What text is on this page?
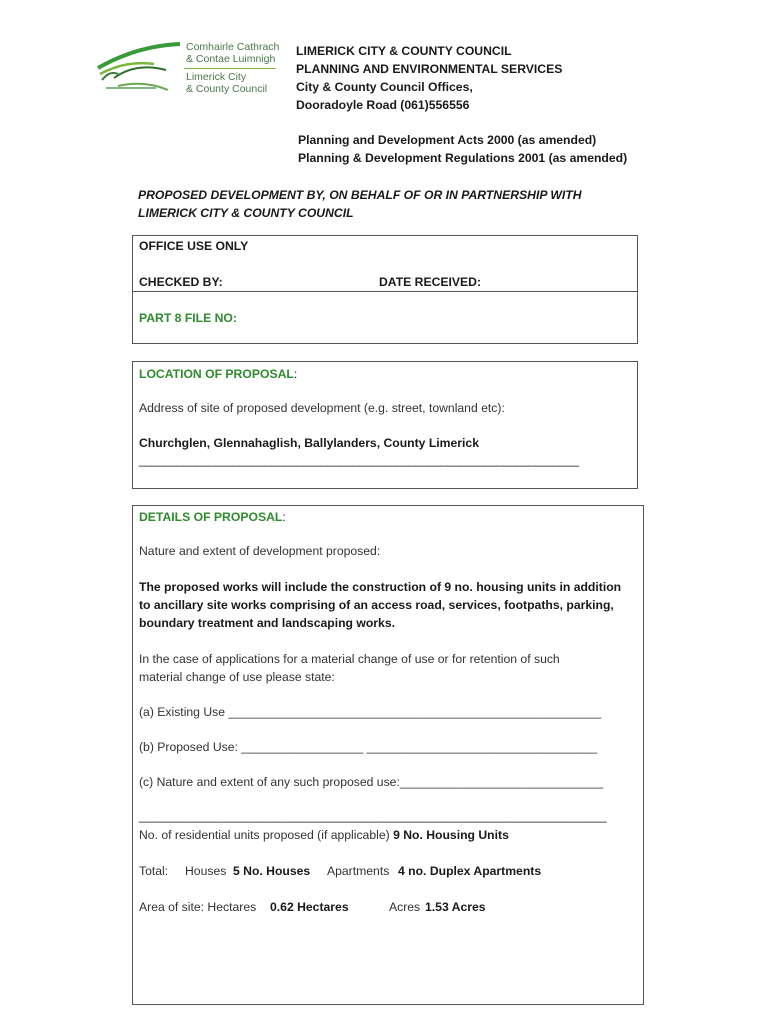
Comhairle Cathrach
& Contae Luimnigh
Limerick City
& County Council
LIMERICK CITY & COUNTY COUNCIL
PLANNING AND ENVIRONMENTAL SERVICES
City & County Council Offices,
Dooradoyle Road (061)556556
Planning and Development Acts 2000 (as amended)
Planning & Development Regulations 2001 (as amended)
PROPOSED DEVELOPMENT BY, ON BEHALF OF OR IN PARTNERSHIP WITH
LIMERICK CITY & COUNTY COUNCIL
OFFICE USE ONLY
CHECKED BY:	DATE RECEIVED:
PART 8 FILE NO:
LOCATION OF PROPOSAL:
Address of site of proposed development (e.g. street, townland etc):
Churchglen, Glennahaglish, Ballylanders, County Limerick
______________________________________________________________________
DETAILS OF PROPOSAL:
Nature and extent of development proposed:
The proposed works will include the construction of 9 no. housing units in addition
to ancillary site works comprising of an access road, services, footpaths, parking,
boundary treatment and landscaping works.
In the case of applications for a material change of use or for retention of such
material change of use please state:
(a) Existing Use _______________________________________________________
(b) Proposed Use: __________________ __________________________________
(c) Nature and extent of any such proposed use:______________________________
_____________________________________________________________________
No. of residential units proposed (if applicable) 9 No. Housing Units
Total: Houses 5 No. Houses Apartments 4 no. Duplex Apartments
Area of site: Hectares 0.62 Hectares	Acres 1.53 Acres
